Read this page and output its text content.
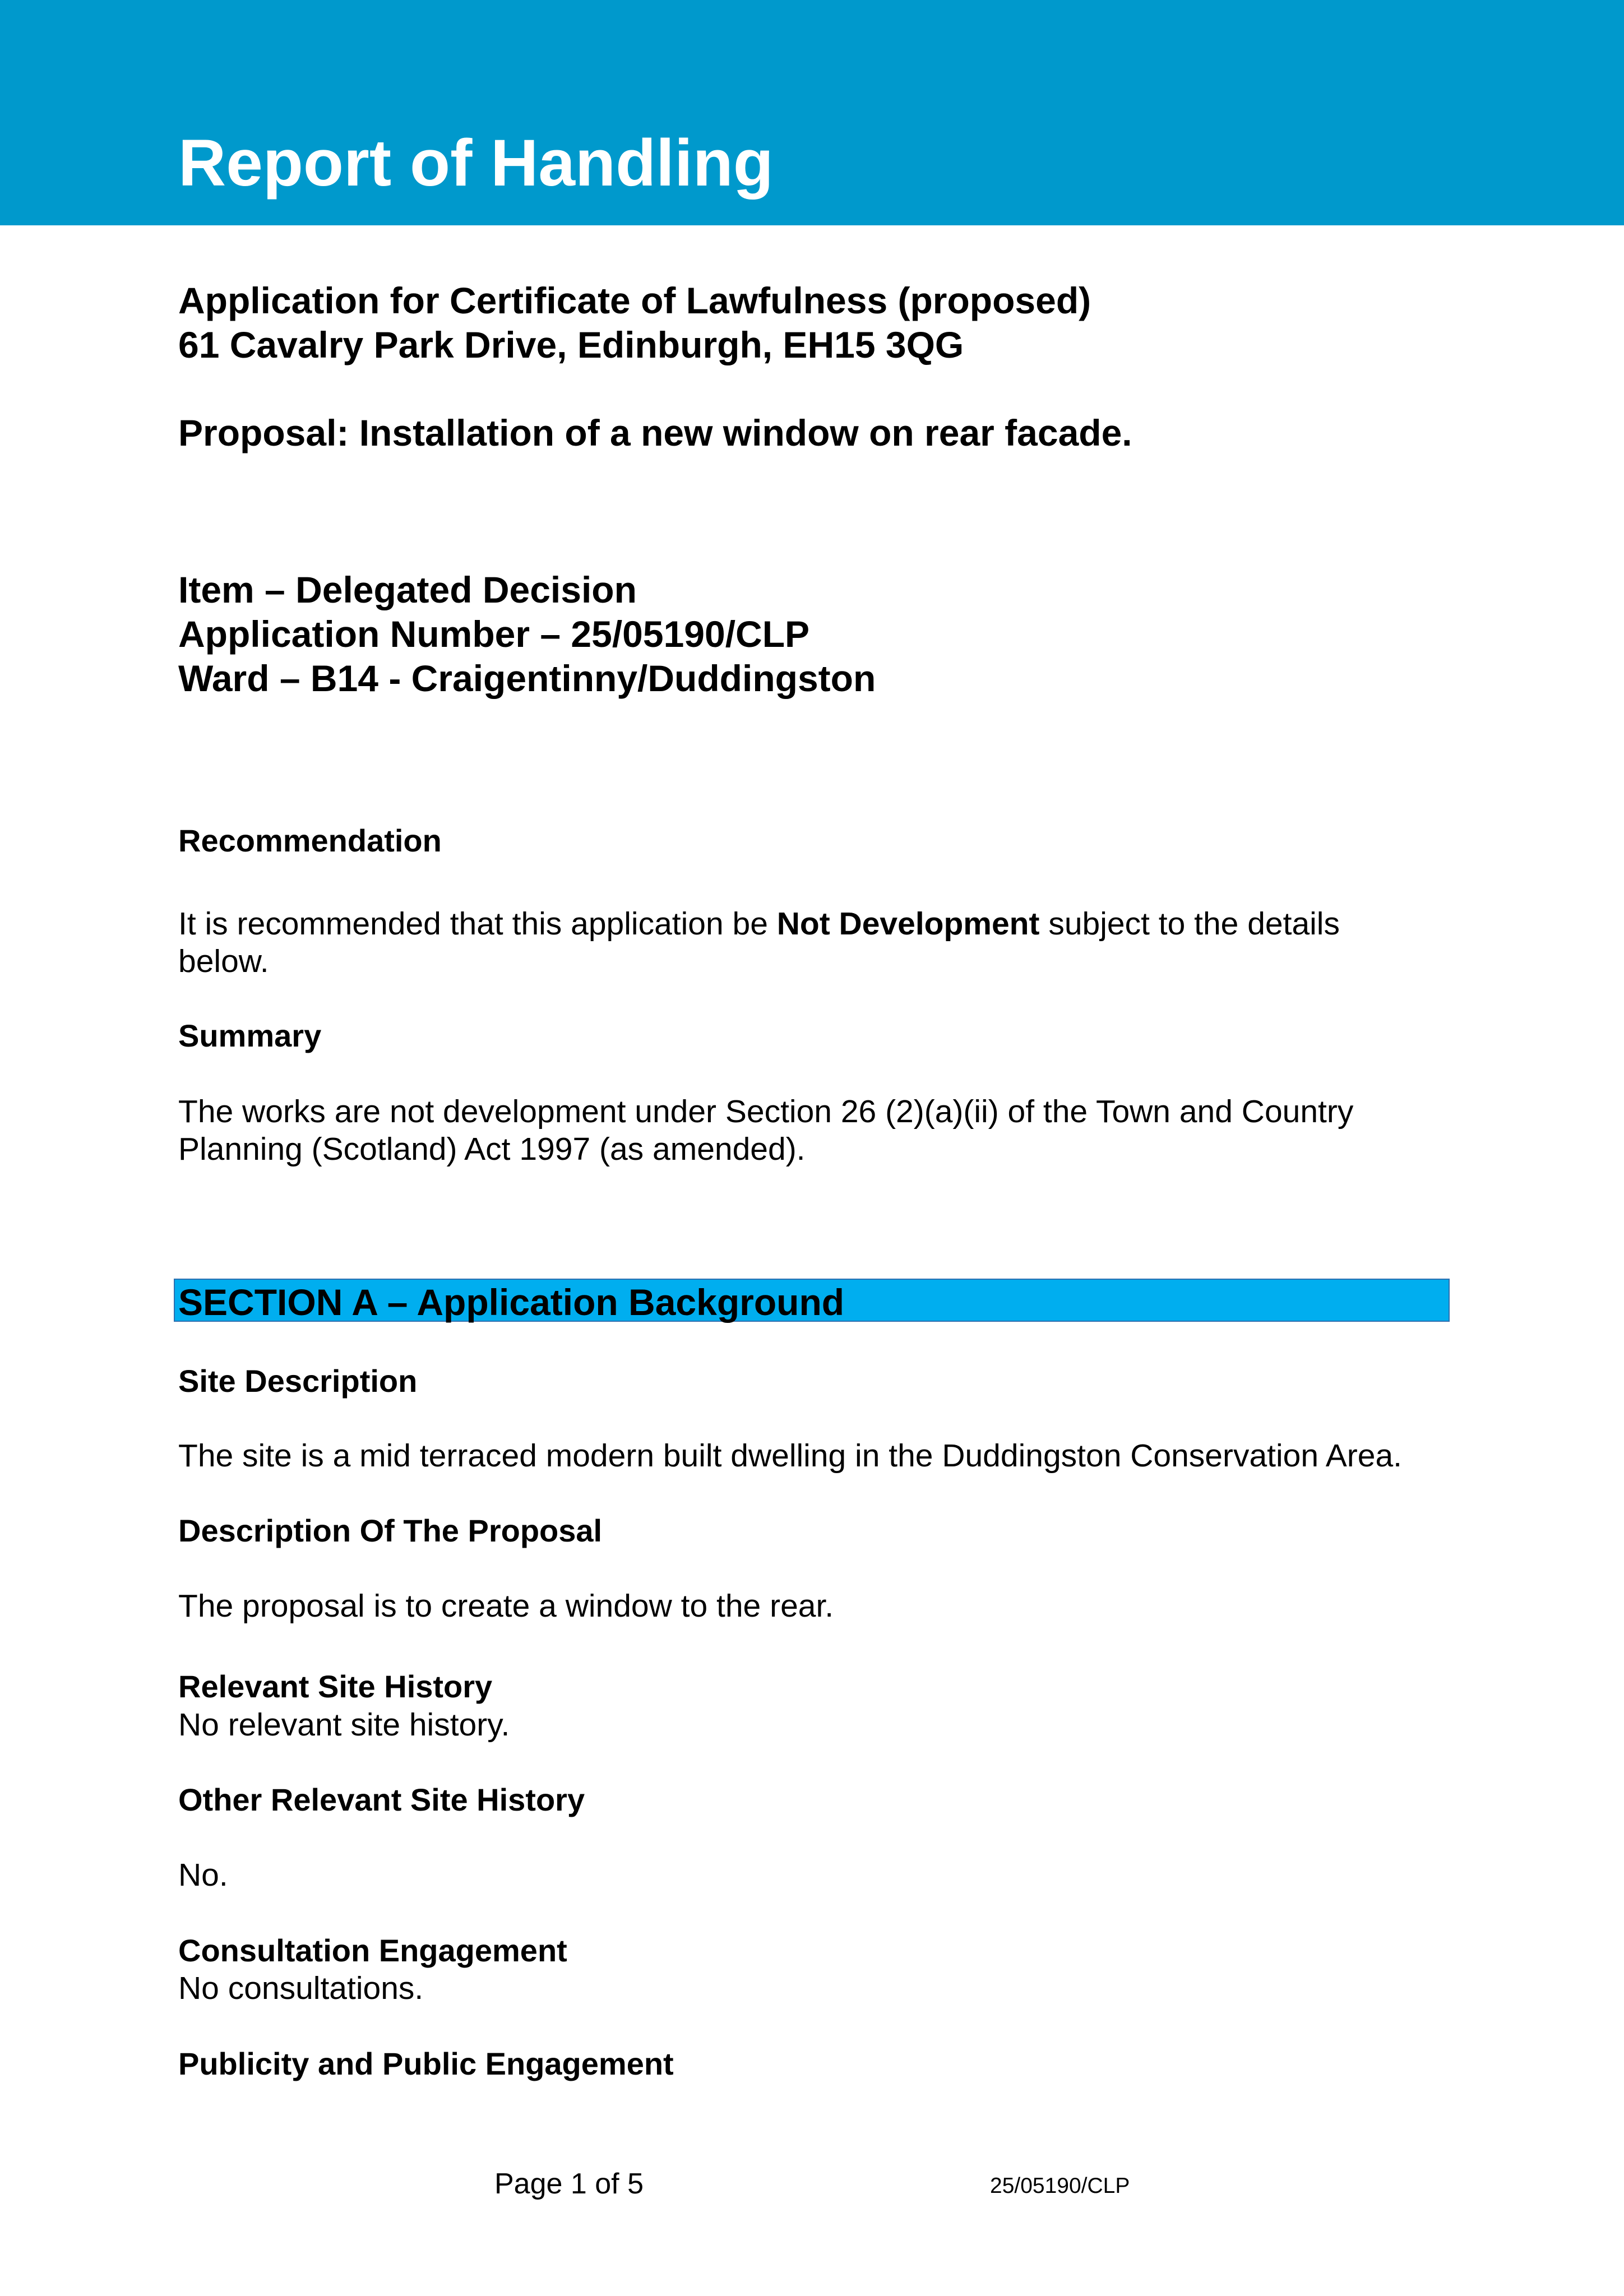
Report of Handling
Application for Certificate of Lawfulness (proposed)
61 Cavalry Park Drive, Edinburgh, EH15 3QG
Proposal: Installation of a new window on rear facade.
Item – Delegated Decision
Application Number – 25/05190/CLP
Ward – B14 - Craigentinny/Duddingston
Recommendation
It is recommended that this application be Not Development subject to the details
below.
Summary
The works are not development under Section 26 (2)(a)(ii) of the Town and Country
Planning (Scotland) Act 1997 (as amended).
SECTION A – Application Background
Site Description
The site is a mid terraced modern built dwelling in the Duddingston Conservation Area.
Description Of The Proposal
The proposal is to create a window to the rear.
Relevant Site History
No relevant site history.
Other Relevant Site History
No.
Consultation Engagement
No consultations.
Publicity and Public Engagement
Page 1 of 5	25/05190/CLP
